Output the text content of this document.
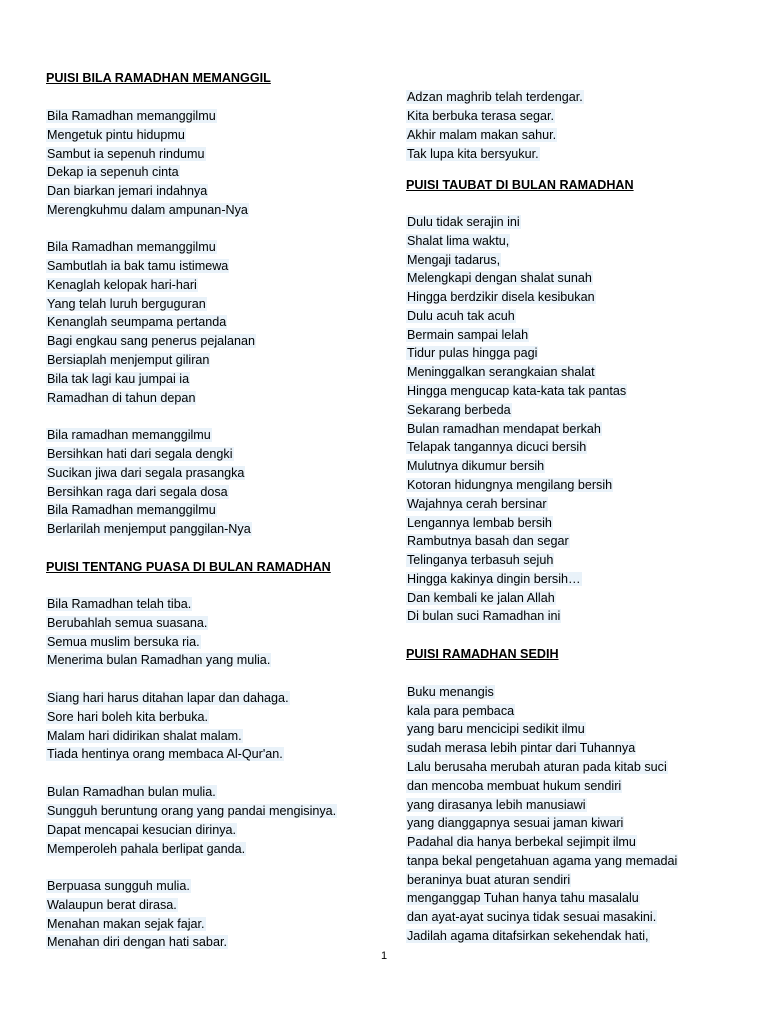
PUISI BILA RAMADHAN MEMANGGIL
Bila Ramadhan memanggilmu
Mengetuk pintu hidupmu
Sambut ia sepenuh rindumu
Dekap ia sepenuh cinta
Dan biarkan jemari indahnya
Merengkuhmu dalam ampunan-Nya
Bila Ramadhan memanggilmu
Sambutlah ia bak tamu istimewa
Kenaglah kelopak hari-hari
Yang telah luruh berguguran
Kenanglah seumpama pertanda
Bagi engkau sang penerus pejalanan
Bersiaplah menjemput giliran
Bila tak lagi kau jumpai ia
Ramadhan di tahun depan
Bila ramadhan memanggilmu
Bersihkan hati dari segala dengki
Sucikan jiwa dari segala prasangka
Bersihkan raga dari segala dosa
Bila Ramadhan memanggilmu
Berlarilah menjemput panggilan-Nya
PUISI TENTANG PUASA DI BULAN RAMADHAN
Bila Ramadhan telah tiba.
Berubahlah semua suasana.
Semua muslim bersuka ria.
Menerima bulan Ramadhan yang mulia.
Siang hari harus ditahan lapar dan dahaga.
Sore hari boleh kita berbuka.
Malam hari didirikan shalat malam.
Tiada hentinya orang membaca Al-Qur'an.
Bulan Ramadhan bulan mulia.
Sungguh beruntung orang yang pandai mengisinya.
Dapat mencapai kesucian dirinya.
Memperoleh pahala berlipat ganda.
Berpuasa sungguh mulia.
Walaupun berat dirasa.
Menahan makan sejak fajar.
Menahan diri dengan hati sabar.
Adzan maghrib telah terdengar.
Kita berbuka terasa segar.
Akhir malam makan sahur.
Tak lupa kita bersyukur.
PUISI TAUBAT DI BULAN RAMADHAN
Dulu tidak serajin ini
Shalat lima waktu,
Mengaji tadarus,
Melengkapi dengan shalat sunah
Hingga berdzikir disela kesibukan
Dulu acuh tak acuh
Bermain sampai lelah
Tidur pulas hingga pagi
Meninggalkan serangkaian shalat
Hingga mengucap kata-kata tak pantas
Sekarang berbeda
Bulan ramadhan mendapat berkah
Telapak tangannya dicuci bersih
Mulutnya dikumur bersih
Kotoran hidungnya mengilang bersih
Wajahnya cerah bersinar
Lengannya lembab bersih
Rambutnya basah dan segar
Telinganya terbasuh sejuh
Hingga kakinya dingin bersih…
Dan kembali ke jalan Allah
Di bulan suci Ramadhan ini
PUISI RAMADHAN SEDIH
Buku menangis
kala para pembaca
yang baru mencicipi sedikit ilmu
sudah merasa lebih pintar dari Tuhannya
Lalu berusaha merubah aturan pada kitab suci
dan mencoba membuat hukum sendiri
yang dirasanya lebih manusiawi
yang dianggapnya sesuai jaman kiwari
Padahal dia hanya berbekal sejimpit ilmu
tanpa bekal pengetahuan agama yang memadai
beraninya buat aturan sendiri
menganggap Tuhan hanya tahu masalalu
dan ayat-ayat sucinya tidak sesuai masakini.
Jadilah agama ditafsirkan sekehendak hati,
1
